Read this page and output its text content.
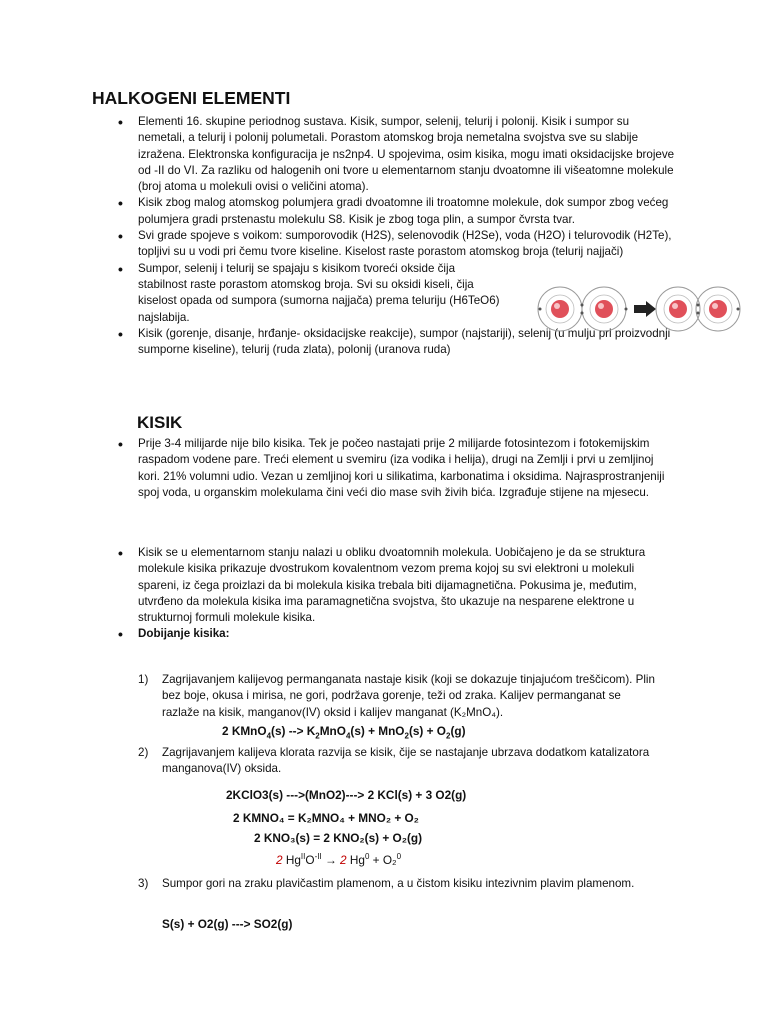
HALKOGENI ELEMENTI
• Elementi 16. skupine periodnog sustava. Kisik, sumpor, selenij, telurij i polonij. Kisik i sumpor su nemetali, a telurij i polonij polumetali. Porastom atomskog broja nemetalna svojstva sve su slabije izražena. Elektronska konfiguracija je ns2np4. U spojevima, osim kisika, mogu imati oksidacijske brojeve od -II do VI. Za razliku od halogenih oni tvore u elementarnom stanju dvoatomne ili višeatomne molekule (broj atoma u molekuli ovisi o veličini atoma).
• Kisik zbog malog atomskog polumjera gradi dvoatomne ili troatomne molekule, dok sumpor zbog većeg polumjera gradi prstenastu molekulu S8. Kisik je zbog toga plin, a sumpor čvrsta tvar.
• Svi grade spojeve s voikom: sumporovodik (H2S), selenovodik (H2Se), voda (H2O) i telurovodik (H2Te), topljivi su u vodi pri čemu tvore kiseline. Kiselost raste porastom atomskog broja (telurij najjači)
• Sumpor, selenij i telurij se spajaju s kisikom tvoreći okside čija stabilnost raste porastom atomskog broja. Svi su oksidi kiseli, čija kiselost opada od sumpora (sumorna najjača) prema teluriju (H6TeO6) najslabija.
• Kisik (gorenje, disanje, hrđanje- oksidacijske reakcije), sumpor (najstariji), selenij (u mulju pri proizvodnji sumporne kiseline), telurij (ruda zlata), polonij (uranova ruda)
KISIK
• Prije 3-4 milijarde nije bilo kisika. Tek je počeo nastajati prije 2 milijarde fotosintezom i fotokemijskim raspadom vodene pare. Treći element u svemiru (iza vodika i helija), drugi na Zemlji i prvi u zemljinoj kori. 21% volumni udio. Vezan u zemljinoj kori u silikatima, karbonatima i oksidima. Najrasprostranjeniji spoj voda, u organskim molekulama čini veći dio mase svih živih bića. Izgrađuje stijene na mjesecu.
• Kisik se u elementarnom stanju nalazi u obliku dvoatomnih molekula. Uobičajeno je da se struktura molekule kisika prikazuje dvostrukom kovalentnom vezom prema kojoj su svi elektroni u molekuli spareni, iz čega proizlazi da bi molekula kisika trebala biti dijamagnetična. Pokusima je, međutim, utvrđeno da molekula kisika ima paramagnetična svojstva, što ukazuje na nesparene elektrone u strukturnoj formuli molekule kisika.
• Dobijanje kisika:
1) Zagrijavanjem kalijevog permanganata nastaje kisik (koji se dokazuje tinjajućom treščicom). Plin bez boje, okusa i mirisa, ne gori, podržava gorenje, teži od zraka. Kalijev permanganat se razlaže na kisik, manganov(IV) oksid i kalijev manganat (K₂MnO₄).
2 KMnO$_4$(s) --> $K_2MnO_4(s) + MnO_2(s) + O_2(g)$
2) Zagrijavanjem kalijeva klorata razvija se kisik, čije se nastajanje ubrzava dodatkom katalizatora manganova(IV) oksida.
2KClO3(s) --->(MnO2)---> 2 KCl(s) + 3 O2(g)
2 KMNO₄ = K₂MNO₄ + MNO₂ + O₂
2 KNO₃(s) = 2 KNO₂(s) + O₂(g)
2 $Hg^{II}O^{-II} \to 2$ $Hg^0 + O_2^0$
3) Sumpor gori na zraku plavičastim plamenom, a u čistom kisiku intezivnim plavim plamenom.
S(s) + O2(g) ---> SO2(g)
